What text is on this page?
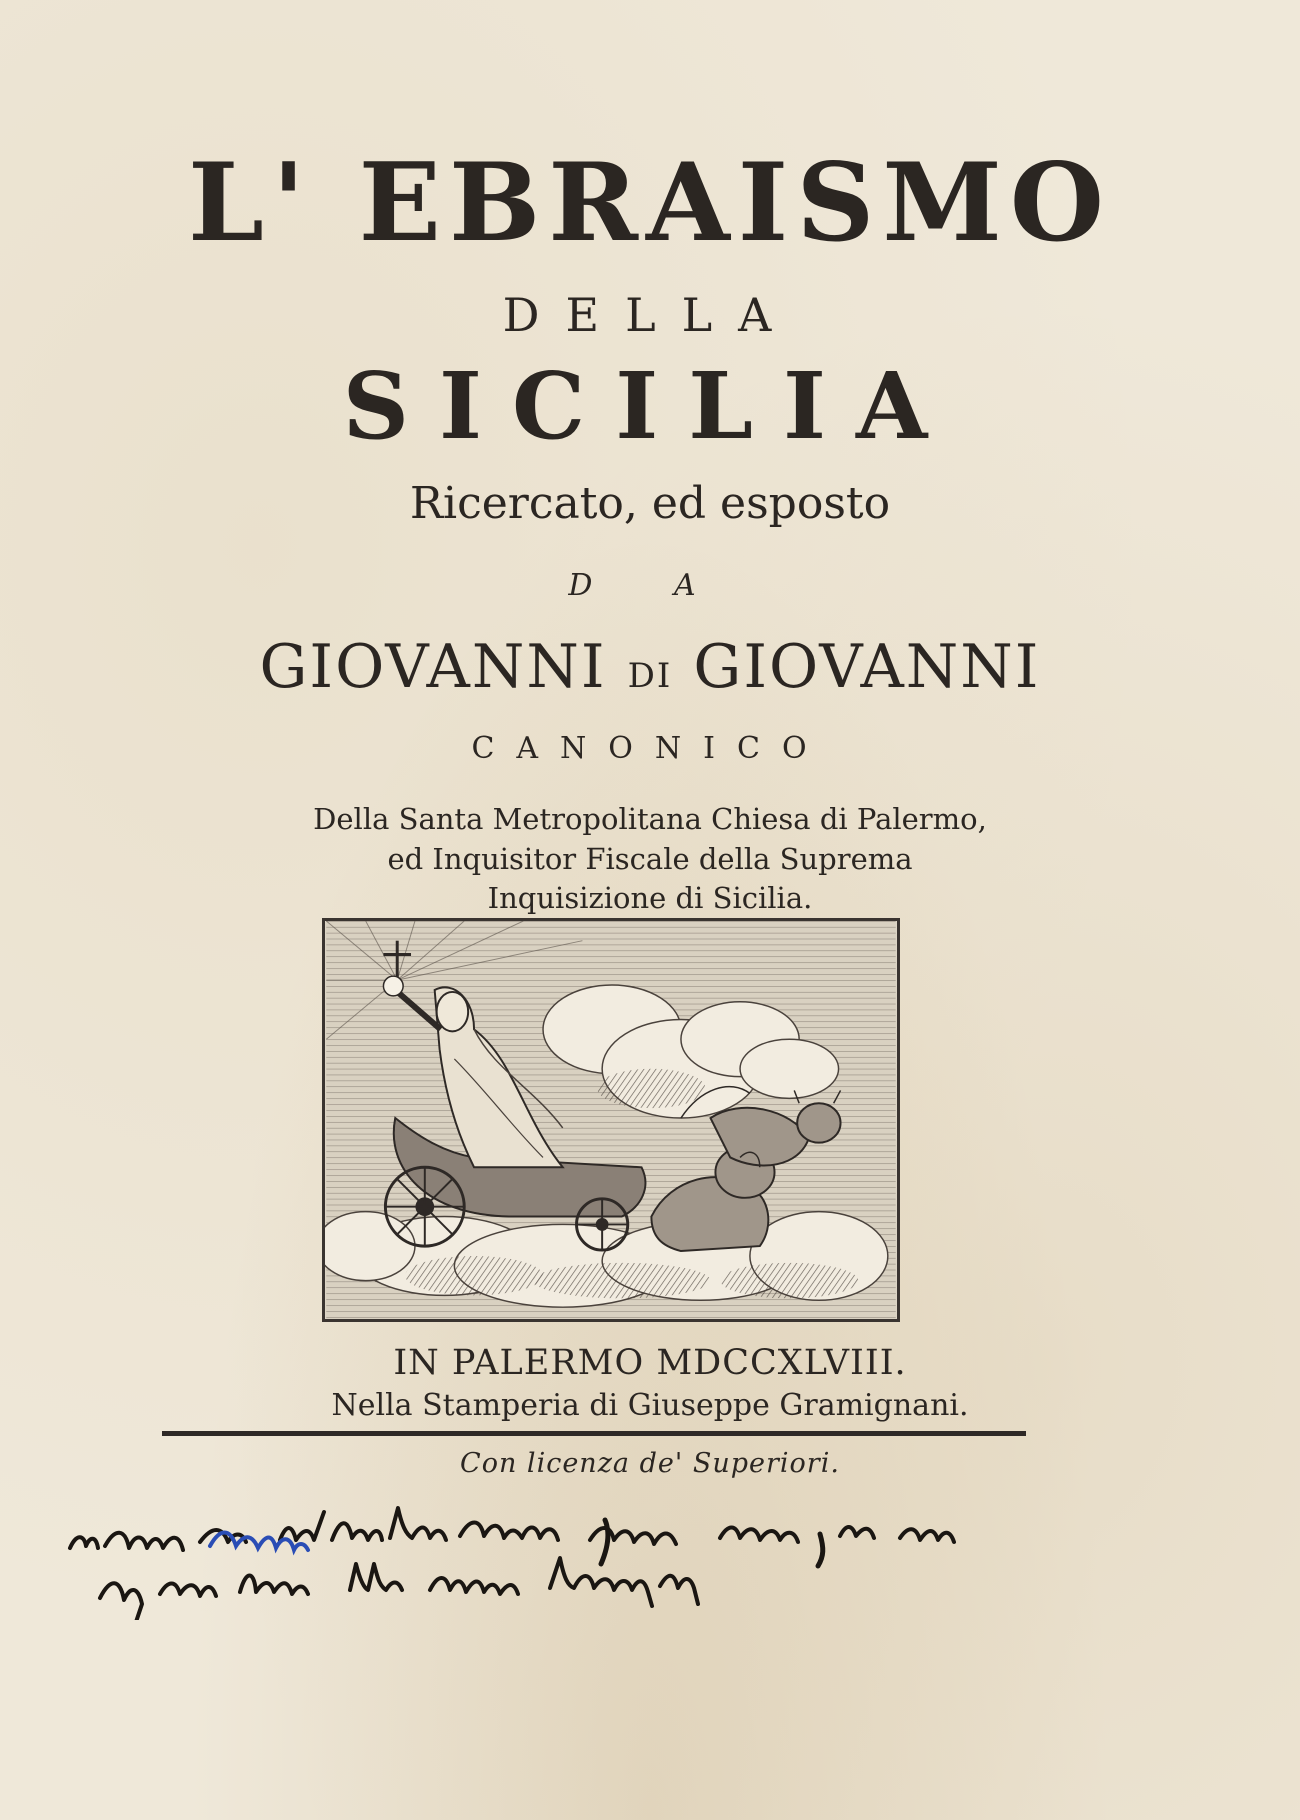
L' EBRAISMO
DELLA
SICILIA
Ricercato, ed esposto
D A
GIOVANNI DI GIOVANNI
CANONICO
Della Santa Metropolitana Chiesa di Palermo,
ed Inquisitor Fiscale della Suprema
Inquisizione di Sicilia.
IN PALERMO MDCCXLVIII.
Nella Stamperia di Giuseppe Gramignani.
Con licenza de' Superiori.
